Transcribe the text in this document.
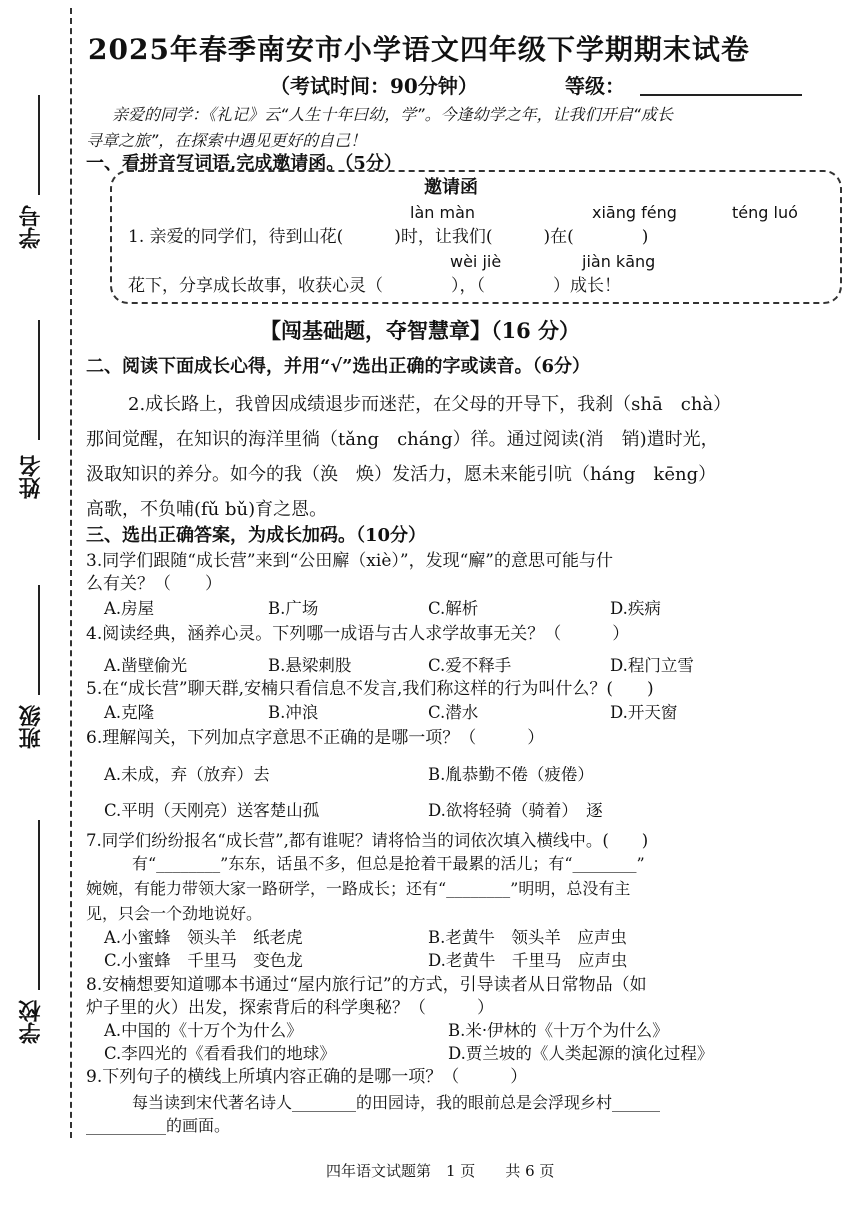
学号
姓名
班级
学校
2025年春季南安市小学语文四年级下学期期末试卷
（考试时间：90分钟）	等级：
亲爱的同学：《礼记》云“人生十年曰幼，学”。今逢幼学之年，让我们开启“成长
寻章之旅”，在探索中遇见更好的自己！
一、看拼音写词语,完成邀请函。（5分）
邀请函
làn màn	xiāng féng	téng luó
1. 亲爱的同学们，待到山花(　　　)时，让我们(　　　)在(　　　　)
wèi jiè	jiàn kāng
花下，分享成长故事，收获心灵（　　　　），（　　　　）成长！
【闯基础题，夺智慧章】（16 分）
二、阅读下面成长心得，并用“√”选出正确的字或读音。（6分）
2.成长路上，我曾因成绩退步而迷茫，在父母的开导下，我刹（shā　chà）
那间觉醒，在知识的海洋里徜（tǎng　cháng）徉。通过阅读(消　销)遣时光，
汲取知识的养分。如今的我（涣　焕）发活力，愿未来能引吭（háng　kēng）
高歌，不负哺(fǔ bǔ)育之恩。
三、选出正确答案，为成长加码。（10分）
3.同学们跟随“成长营”来到“公田廨（xiè）”，发现“廨”的意思可能与什
么有关？（　　）
A.房屋	B.广场	C.解析	D.疾病
4.阅读经典，涵养心灵。下列哪一成语与古人求学故事无关？（　　　）
A.凿壁偷光	B.悬梁刺股	C.爱不释手	D.程门立雪
5.在“成长营”聊天群,安楠只看信息不发言,我们称这样的行为叫什么？(　　)
A.克隆	B.冲浪	C.潜水	D.开天窗
6.理解闯关，下列加点字意思不正确的是哪一项？（　　　）
A.未成，弃（放弃）去	B.胤恭勤不倦（疲倦）
C.平明（天刚亮）送客楚山孤	D.欲将轻骑（骑着）　逐
7.同学们纷纷报名“成长营”,都有谁呢？请将恰当的词依次填入横线中。(　　)
有“________”东东，话虽不多，但总是抢着干最累的活儿；有“________”
婉婉，有能力带领大家一路研学，一路成长；还有“________”明明，总没有主
见，只会一个劲地说好。
A.小蜜蜂　领头羊　纸老虎	B.老黄牛　领头羊　应声虫
C.小蜜蜂　千里马　变色龙	D.老黄牛　千里马　应声虫
8.安楠想要知道哪本书通过“屋内旅行记”的方式，引导读者从日常物品（如
炉子里的火）出发，探索背后的科学奥秘？（　　　）
A.中国的《十万个为什么》	B.米·伊林的《十万个为什么》
C.李四光的《看看我们的地球》	D.贾兰坡的《人类起源的演化过程》
9.下列句子的横线上所填内容正确的是哪一项？（　　　）
每当读到宋代著名诗人________的田园诗，我的眼前总是会浮现乡村______
__________的画面。
四年语文试题第　1 页　　共 6 页
